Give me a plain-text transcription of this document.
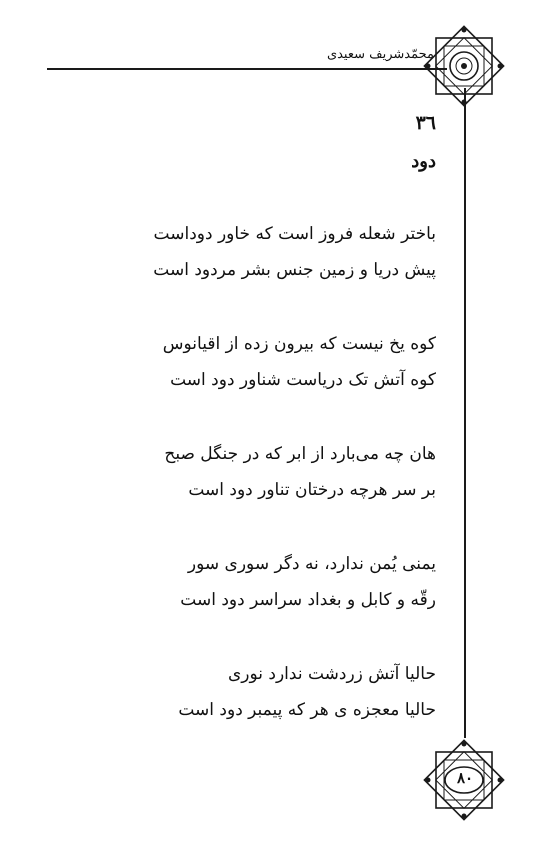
محمّدشریف سعیدی
٨٠
٣٦
دود
باختر شعله فروز است که خاور دوداست
پیش دریا و زمین جنس بشر مردود است
کوه یخ نیست که بیرون زده از اقیانوس
کوه آتش تک دریاست شناور دود است
هان چه می‌بارد از ابر که در جنگل صبح
بر سر هرچه درختان تناور دود است
یمنی یُمن ندارد، نه دگر سوری سور
رقّه و کابل و بغداد سراسر دود است
حالیا آتش زردشت ندارد نوری
حالیا معجزه ی هر که پیمبر دود است
